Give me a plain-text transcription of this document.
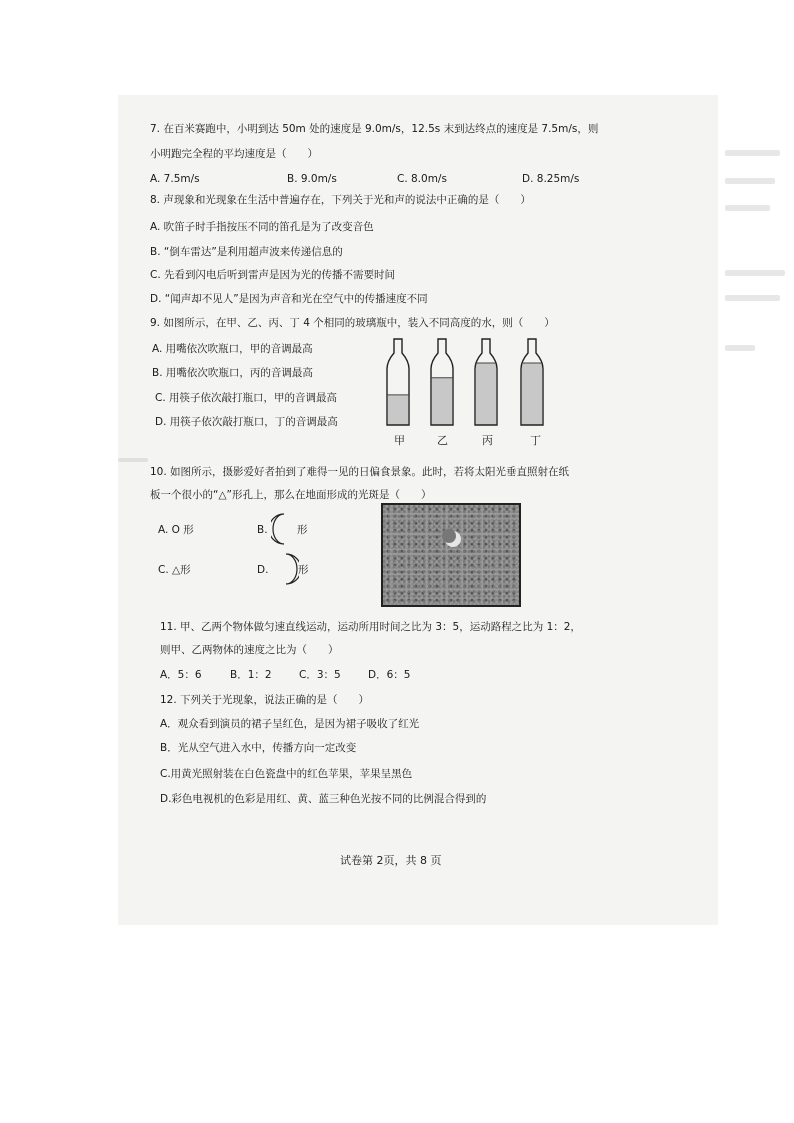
7. 在百米赛跑中，小明到达 50m 处的速度是 9.0m/s，12.5s 末到达终点的速度是 7.5m/s，则
小明跑完全程的平均速度是（　　）
A. 7.5m/s	B. 9.0m/s	C. 8.0m/s	D. 8.25m/s
8. 声现象和光现象在生活中普遍存在，下列关于光和声的说法中正确的是（　　）
A. 吹笛子时手指按压不同的笛孔是为了改变音色
B. “倒车雷达”是利用超声波来传递信息的
C. 先看到闪电后听到雷声是因为光的传播不需要时间
D. “闻声却不见人”是因为声音和光在空气中的传播速度不同
9. 如图所示，在甲、乙、丙、丁 4 个相同的玻璃瓶中，装入不同高度的水，则（　　）
A. 用嘴依次吹瓶口，甲的音调最高
B. 用嘴依次吹瓶口，丙的音调最高
C. 用筷子依次敲打瓶口，甲的音调最高
D. 用筷子依次敲打瓶口，丁的音调最高
甲	乙	丙	丁
10. 如图所示，摄影爱好者拍到了难得一见的日偏食景象。此时，若将太阳光垂直照射在纸
板一个很小的“△”形孔上，那么在地面形成的光斑是（　　）
A. O 形	B.	形
C. △形	D.	形
11. 甲、乙两个物体做匀速直线运动，运动所用时间之比为 3：5，运动路程之比为 1：2，
则甲、乙两物体的速度之比为（　　）
A．5：6	B．1：2	C．3：5	D．6：5
12. 下列关于光现象，说法正确的是（　　）
A．观众看到演员的裙子呈红色，是因为裙子吸收了红光
B．光从空气进入水中，传播方向一定改变
C.用黄光照射装在白色瓷盘中的红色苹果，苹果呈黑色
D.彩色电视机的色彩是用红、黄、蓝三种色光按不同的比例混合得到的
试卷第 2页，共 8 页
